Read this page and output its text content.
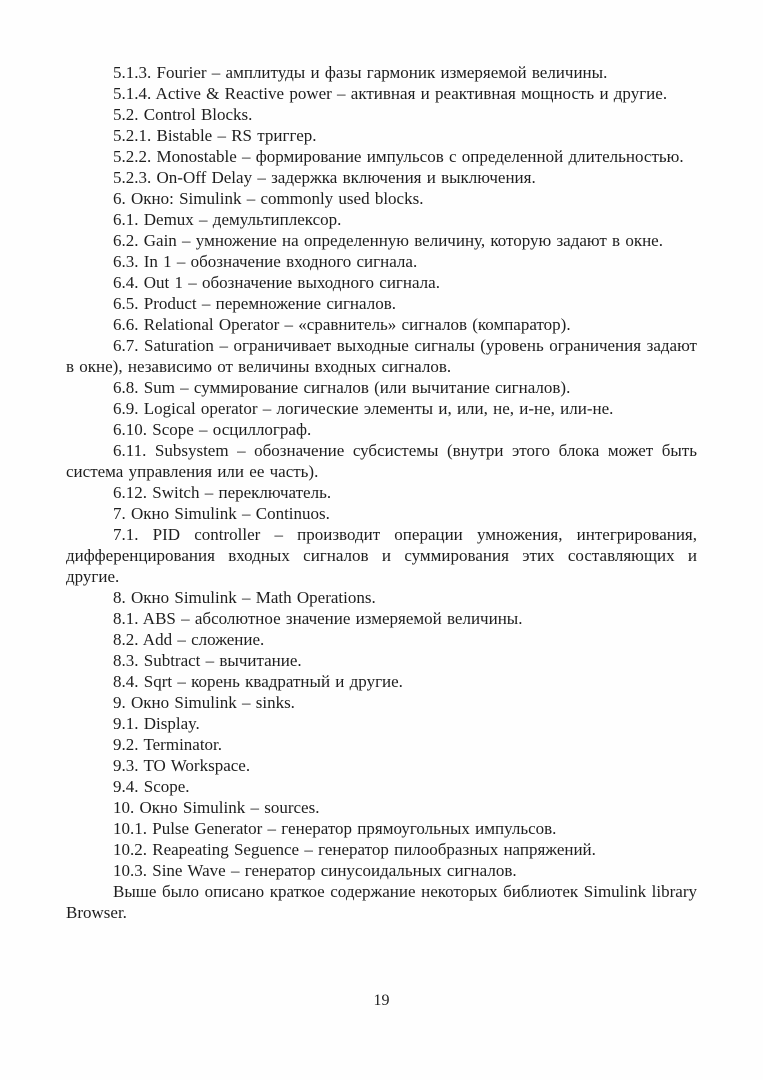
5.1.3. Fourier – амплитуды и фазы гармоник измеряемой величины.

5.1.4. Active & Reactive power – активная и реактивная мощность и другие.

5.2. Control Blocks.

5.2.1. Bistable – RS триггер.

5.2.2. Monostable – формирование импульсов с определенной длительностью.

5.2.3. On-Off Delay – задержка включения и выключения.

6. Окно: Simulink – commonly used blocks.

6.1. Demux – демультиплексор.

6.2. Gain – умножение на определенную величину, которую задают в окне.

6.3. In 1 – обозначение входного сигнала.

6.4. Out 1 – обозначение выходного сигнала.

6.5. Product – перемножение сигналов.

6.6. Relational Operator – «сравнитель» сигналов (компаратор).

6.7. Saturation – ограничивает выходные сигналы (уровень ограничения задают в окне), независимо от величины входных сигналов.

6.8. Sum – суммирование сигналов (или вычитание сигналов).

6.9. Logical operator – логические элементы и, или, не, и-не, или-не.

6.10. Scope – осциллограф.

6.11. Subsystem – обозначение субсистемы (внутри этого блока может быть система управления или ее часть).

6.12. Switch – переключатель.

7. Окно Simulink – Continuos.

7.1. PID controller – производит операции умножения, интегрирования, дифференцирования входных сигналов и суммирования этих составляющих и другие.

8. Окно Simulink – Math Operations.

8.1. ABS – абсолютное значение измеряемой величины.

8.2. Add – сложение.

8.3. Subtract – вычитание.

8.4. Sqrt – корень квадратный и другие.

9. Окно Simulink – sinks.

9.1. Display.

9.2. Terminator.

9.3. TO Workspace.

9.4. Scope.

10. Окно Simulink – sources.

10.1. Pulse Generator – генератор прямоугольных импульсов.

10.2. Reapeating Seguence – генератор пилообразных напряжений.

10.3. Sine Wave – генератор синусоидальных сигналов.

Выше было описано краткое содержание некоторых библиотек Simulink library Browser.

19
